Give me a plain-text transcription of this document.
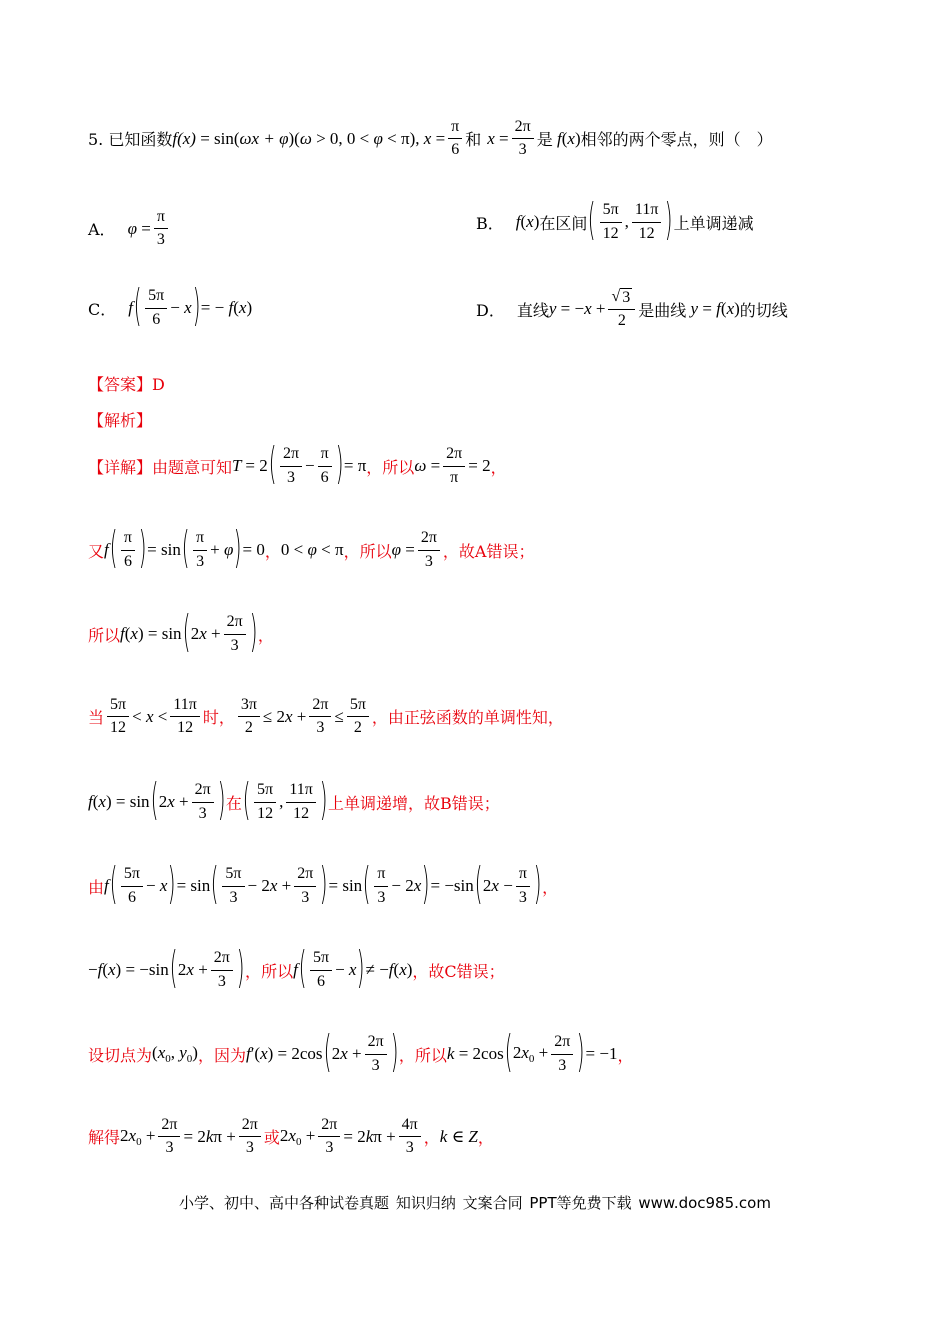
5. 已知函数 f(x) = sin(ωx + φ)(ω > 0, 0 < φ < π), $x = \frac{\pi}{6}$ 和 $x = \frac{2\pi}{3}$ 是 f(x) 相邻的两个零点，则（　）
A． $\varphi = \frac{\pi}{3}$	B． f(x) 在区间 ( $\frac{5\pi}{12}$ , $\frac{11\pi}{12}$ ) 上单调递减
C． f ( $\frac{5\pi}{6} - x$ ) = − f(x)	D． 直线 $y = -x + \frac{√ 3}{2}$ 是曲线 y = f(x) 的切线
【答案】D
【解析】
【详解】由题意可知 T = 2 ( $\frac{2\pi}{3} - \frac{\pi}{6}$ ) = π ，所以 $\omega = \frac{2\pi}{\pi} = 2$ ，
又 f ( $\frac{\pi}{6}$ ) = sin ( $\frac{\pi}{3} + \varphi$ ) = 0 ， 0 < φ < π ，所以 $\varphi = \frac{2\pi}{3}$ ，故A错误；
所以 f(x) = sin ( $2x + \frac{2\pi}{3}$ ) ，
当 $\frac{5\pi}{12} < x < \frac{11\pi}{12}$ 时， $\frac{3\pi}{2} \le 2x + \frac{2\pi}{3} \le \frac{5\pi}{2}$ ，由正弦函数的单调性知，
f(x) = sin ( $2x + \frac{2\pi}{3}$ ) 在 ( $\frac{5\pi}{12}$ , $\frac{11\pi}{12}$ ) 上单调递增，故B错误；
由 f ( $\frac{5\pi}{6} - x$ ) = sin ( $\frac{5\pi}{3} - 2x + \frac{2\pi}{3}$ ) = sin ( $\frac{\pi}{3} - 2x$ ) = −sin ( $2x - \frac{\pi}{3}$ ) ，
−f(x) = −sin ( $2x + \frac{2\pi}{3}$ ) ，所以 f ( $\frac{5\pi}{6} - x$ ) ≠ −f(x) ，故C错误；
设切点为 ($x_0$, $y_0$) ，因为 f′(x) = 2cos ( $2x + \frac{2\pi}{3}$ ) ，所以 k = 2cos ( $2x_0 + \frac{2\pi}{3}$ ) = −1 ，
解得 $2x_0 + \frac{2\pi}{3} = 2k\pi + \frac{2\pi}{3}$ 或 $2x_0 + \frac{2\pi}{3} = 2k\pi + \frac{4\pi}{3}$ ， k ∈ Z ，
小学、初中、高中各种试卷真题 知识归纳 文案合同 PPT等免费下载 www.doc985.com
